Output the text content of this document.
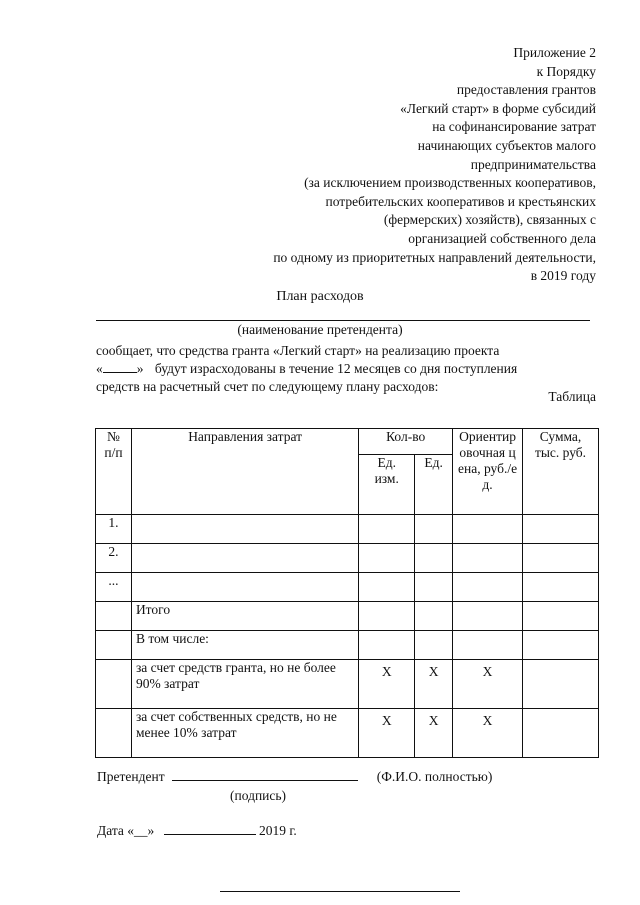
Приложение 2
к Порядку
предоставления грантов
«Легкий старт» в форме субсидий
на софинансирование затрат
начинающих субъектов малого
предпринимательства
(за исключением производственных кооперативов,
потребительских кооперативов и крестьянских
(фермерских) хозяйств), связанных с
организацией собственного дела
по одному из приоритетных направлений деятельности,
в 2019 году
План расходов
(наименование претендента)
сообщает, что средства гранта «Легкий старт» на реализацию проекта
«	» будут израсходованы в течение 12 месяцев со дня поступления
средств на расчетный счет по следующему плану расходов:
Таблица
№ п/п	Направления затрат	Кол-во		Ориентировочная цена, руб./ед.	Сумма, тыс. руб.

		Ед. изм.	Ед.		
1.					
2.					
...					
	Итого				
	В том числе:				
	за счет средств гранта, но не более 90% затрат	Х	Х	Х	
	за счет собственных средств, но не менее 10% затрат	Х	Х	Х	
Претендент	(Ф.И.О. полностью)
(подпись)
Дата «__»	2019 г.
